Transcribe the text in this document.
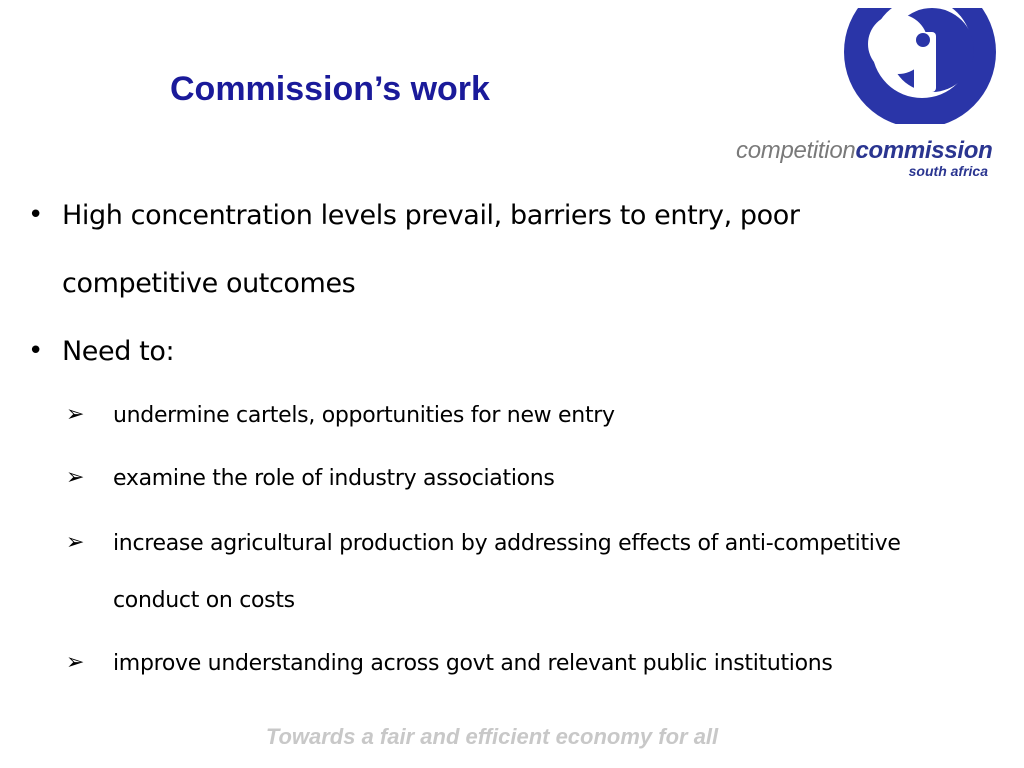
Commission’s work
competitioncommission
south africa
• High concentration levels prevail, barriers to entry, poor competitive outcomes
• Need to:
➢ undermine cartels, opportunities for new entry
➢ examine the role of industry associations
➢ increase agricultural production by addressing effects of anti-competitive conduct on costs
➢ improve understanding across govt and relevant public institutions
Towards a fair and efficient economy for all
